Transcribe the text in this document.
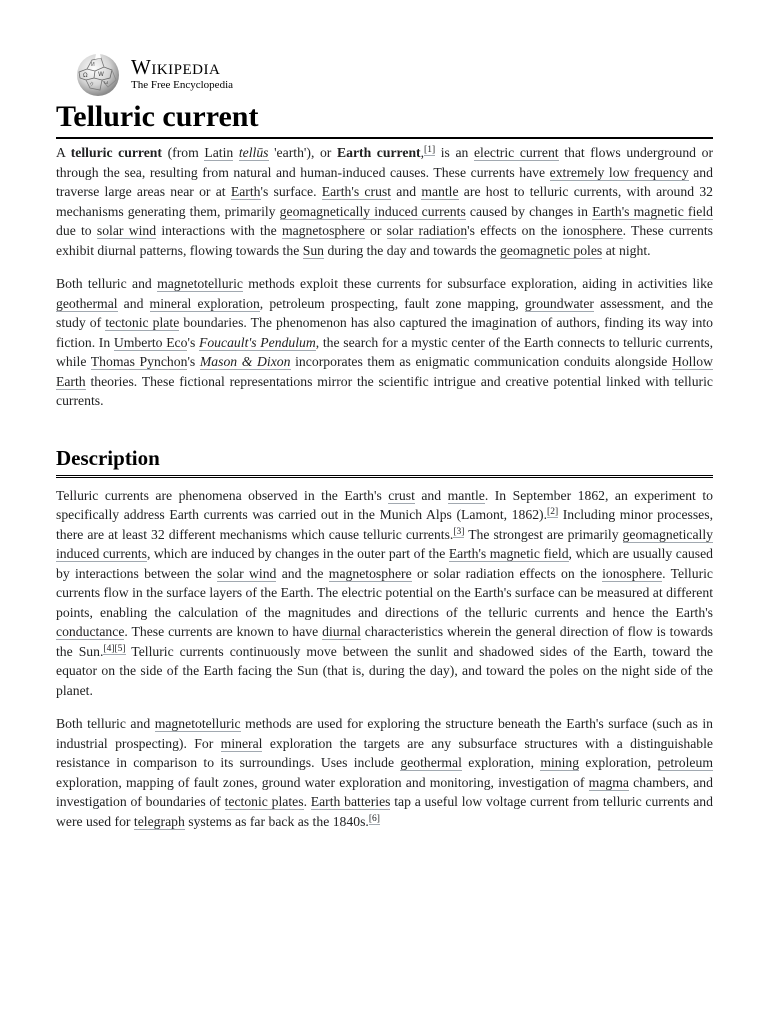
Ω W
И
ウ ω
Wikipedia
The Free Encyclopedia
Telluric current

A telluric current (from Latin tellūs 'earth'), or Earth current,[1] is an electric current that flows underground or through the sea, resulting from natural and human-induced causes. These currents have extremely low frequency and traverse large areas near or at Earth's surface. Earth's crust and mantle are host to telluric currents, with around 32 mechanisms generating them, primarily geomagnetically induced currents caused by changes in Earth's magnetic field due to solar wind interactions with the magnetosphere or solar radiation's effects on the ionosphere. These currents exhibit diurnal patterns, flowing towards the Sun during the day and towards the geomagnetic poles at night.

Both telluric and magnetotelluric methods exploit these currents for subsurface exploration, aiding in activities like geothermal and mineral exploration, petroleum prospecting, fault zone mapping, groundwater assessment, and the study of tectonic plate boundaries. The phenomenon has also captured the imagination of authors, finding its way into fiction. In Umberto Eco's Foucault's Pendulum, the search for a mystic center of the Earth connects to telluric currents, while Thomas Pynchon's Mason & Dixon incorporates them as enigmatic communication conduits alongside Hollow Earth theories. These fictional representations mirror the scientific intrigue and creative potential linked with telluric currents.

Description

Telluric currents are phenomena observed in the Earth's crust and mantle. In September 1862, an experiment to specifically address Earth currents was carried out in the Munich Alps (Lamont, 1862).[2] Including minor processes, there are at least 32 different mechanisms which cause telluric currents.[3] The strongest are primarily geomagnetically induced currents, which are induced by changes in the outer part of the Earth's magnetic field, which are usually caused by interactions between the solar wind and the magnetosphere or solar radiation effects on the ionosphere. Telluric currents flow in the surface layers of the Earth. The electric potential on the Earth's surface can be measured at different points, enabling the calculation of the magnitudes and directions of the telluric currents and hence the Earth's conductance. These currents are known to have diurnal characteristics wherein the general direction of flow is towards the Sun.[4][5] Telluric currents continuously move between the sunlit and shadowed sides of the Earth, toward the equator on the side of the Earth facing the Sun (that is, during the day), and toward the poles on the night side of the planet.

Both telluric and magnetotelluric methods are used for exploring the structure beneath the Earth's surface (such as in industrial prospecting). For mineral exploration the targets are any subsurface structures with a distinguishable resistance in comparison to its surroundings. Uses include geothermal exploration, mining exploration, petroleum exploration, mapping of fault zones, ground water exploration and monitoring, investigation of magma chambers, and investigation of boundaries of tectonic plates. Earth batteries tap a useful low voltage current from telluric currents and were used for telegraph systems as far back as the 1840s.[6]
